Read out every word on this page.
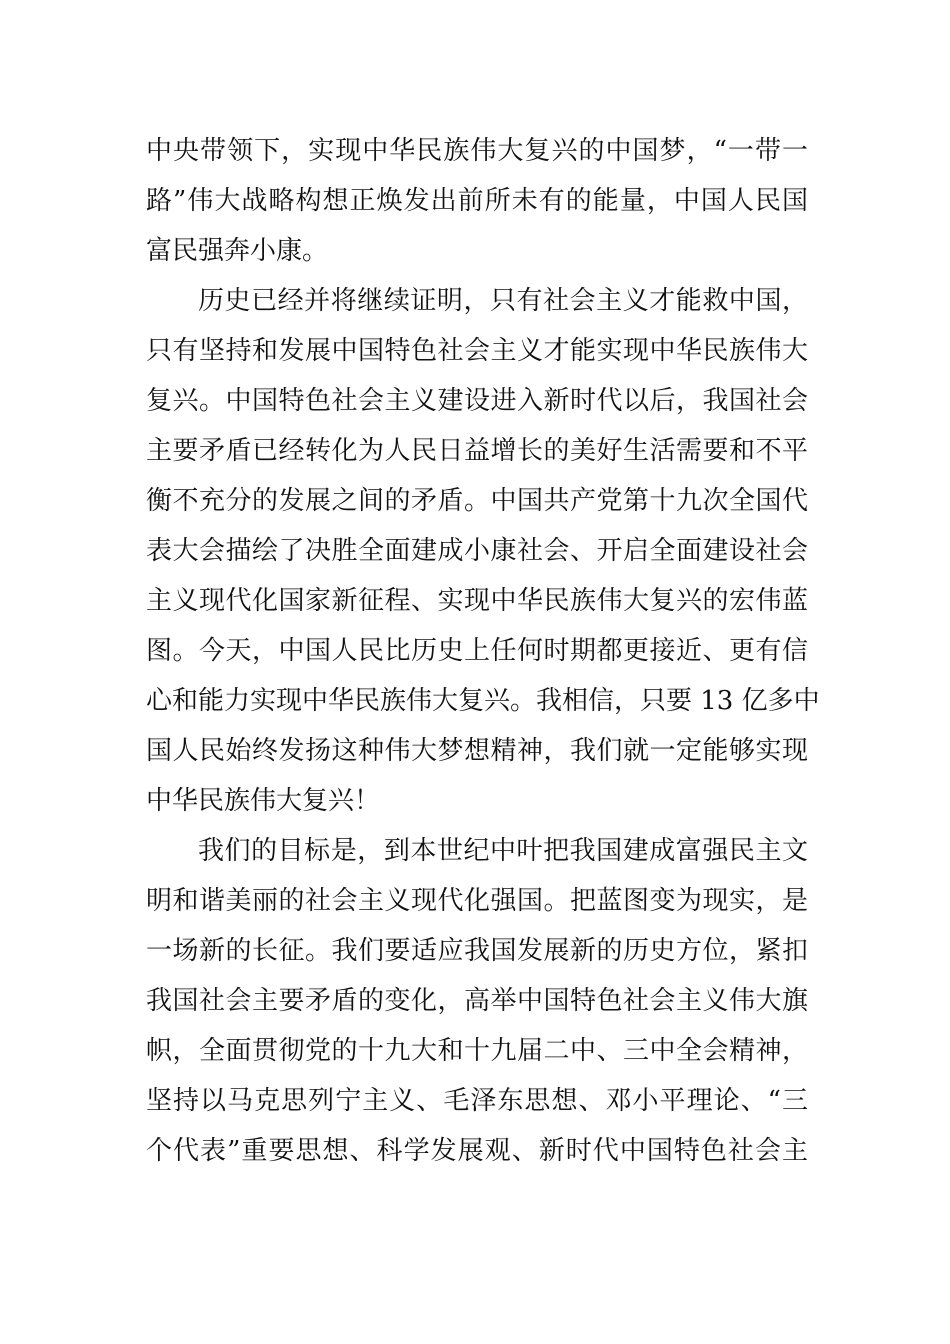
中央带领下，实现中华民族伟大复兴的中国梦，“一带一
路”伟大战略构想正焕发出前所未有的能量，中国人民国
富民强奔小康。
历史已经并将继续证明，只有社会主义才能救中国，
只有坚持和发展中国特色社会主义才能实现中华民族伟大
复兴。中国特色社会主义建设进入新时代以后，我国社会
主要矛盾已经转化为人民日益增长的美好生活需要和不平
衡不充分的发展之间的矛盾。中国共产党第十九次全国代
表大会描绘了决胜全面建成小康社会、开启全面建设社会
主义现代化国家新征程、实现中华民族伟大复兴的宏伟蓝
图。今天，中国人民比历史上任何时期都更接近、更有信
心和能力实现中华民族伟大复兴。我相信，只要 13 亿多中
国人民始终发扬这种伟大梦想精神，我们就一定能够实现
中华民族伟大复兴！
我们的目标是，到本世纪中叶把我国建成富强民主文
明和谐美丽的社会主义现代化强国。把蓝图变为现实，是
一场新的长征。我们要适应我国发展新的历史方位，紧扣
我国社会主要矛盾的变化，高举中国特色社会主义伟大旗
帜，全面贯彻党的十九大和十九届二中、三中全会精神，
坚持以马克思列宁主义、毛泽东思想、邓小平理论、“三
个代表”重要思想、科学发展观、新时代中国特色社会主
